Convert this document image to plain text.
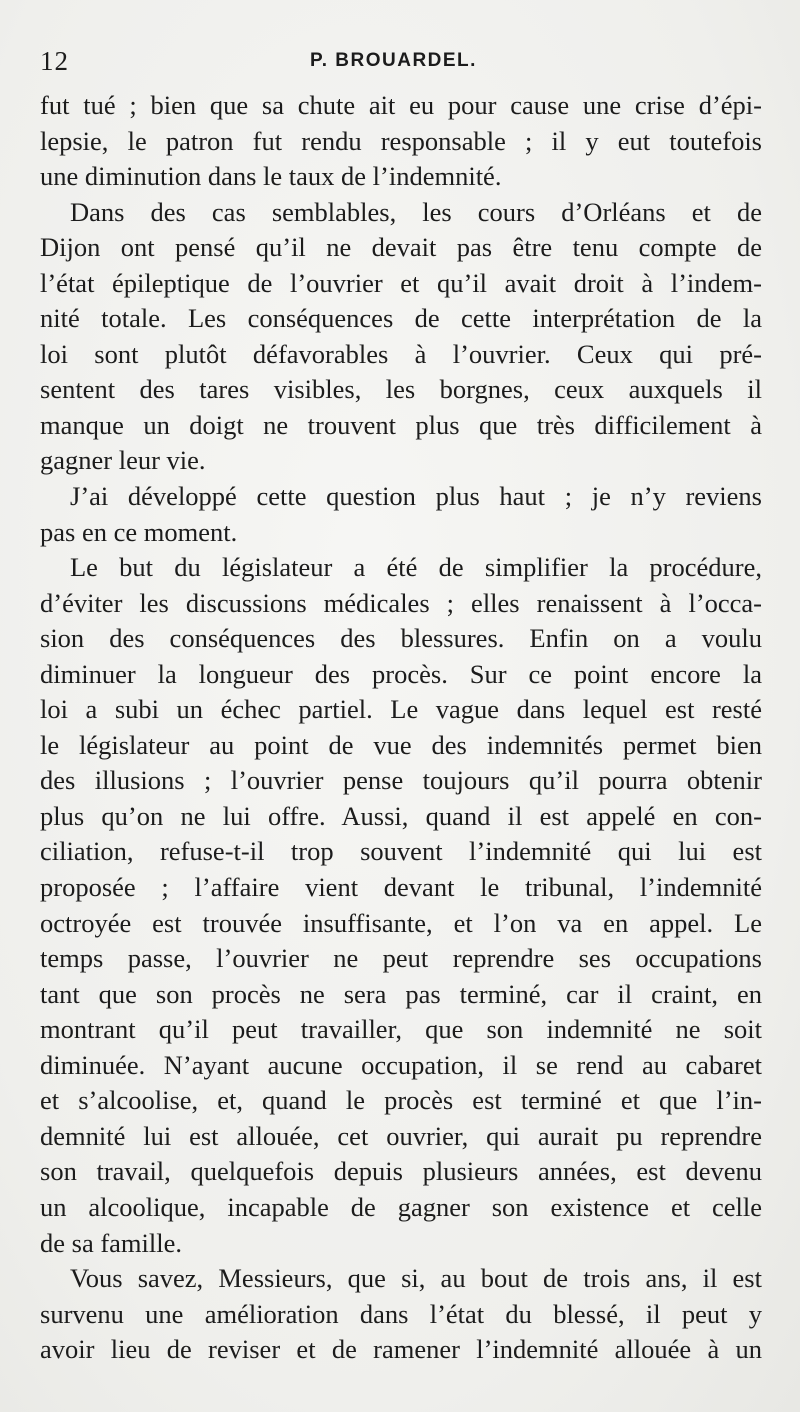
12	P. BROUARDEL.
fut tué ; bien que sa chute ait eu pour cause une crise d’épi-
lepsie, le patron fut rendu responsable ; il y eut toutefois
une diminution dans le taux de l’indemnité.
Dans des cas semblables, les cours d’Orléans et de
Dijon ont pensé qu’il ne devait pas être tenu compte de
l’état épileptique de l’ouvrier et qu’il avait droit à l’indem-
nité totale. Les conséquences de cette interprétation de la
loi sont plutôt défavorables à l’ouvrier. Ceux qui pré-
sentent des tares visibles, les borgnes, ceux auxquels il
manque un doigt ne trouvent plus que très difficilement à
gagner leur vie.
J’ai développé cette question plus haut ; je n’y reviens
pas en ce moment.
Le but du législateur a été de simplifier la procédure,
d’éviter les discussions médicales ; elles renaissent à l’occa-
sion des conséquences des blessures. Enfin on a voulu
diminuer la longueur des procès. Sur ce point encore la
loi a subi un échec partiel. Le vague dans lequel est resté
le législateur au point de vue des indemnités permet bien
des illusions ; l’ouvrier pense toujours qu’il pourra obtenir
plus qu’on ne lui offre. Aussi, quand il est appelé en con-
ciliation, refuse-t-il trop souvent l’indemnité qui lui est
proposée ; l’affaire vient devant le tribunal, l’indemnité
octroyée est trouvée insuffisante, et l’on va en appel. Le
temps passe, l’ouvrier ne peut reprendre ses occupations
tant que son procès ne sera pas terminé, car il craint, en
montrant qu’il peut travailler, que son indemnité ne soit
diminuée. N’ayant aucune occupation, il se rend au cabaret
et s’alcoolise, et, quand le procès est terminé et que l’in-
demnité lui est allouée, cet ouvrier, qui aurait pu reprendre
son travail, quelquefois depuis plusieurs années, est devenu
un alcoolique, incapable de gagner son existence et celle
de sa famille.
Vous savez, Messieurs, que si, au bout de trois ans, il est
survenu une amélioration dans l’état du blessé, il peut y
avoir lieu de reviser et de ramener l’indemnité allouée à un
